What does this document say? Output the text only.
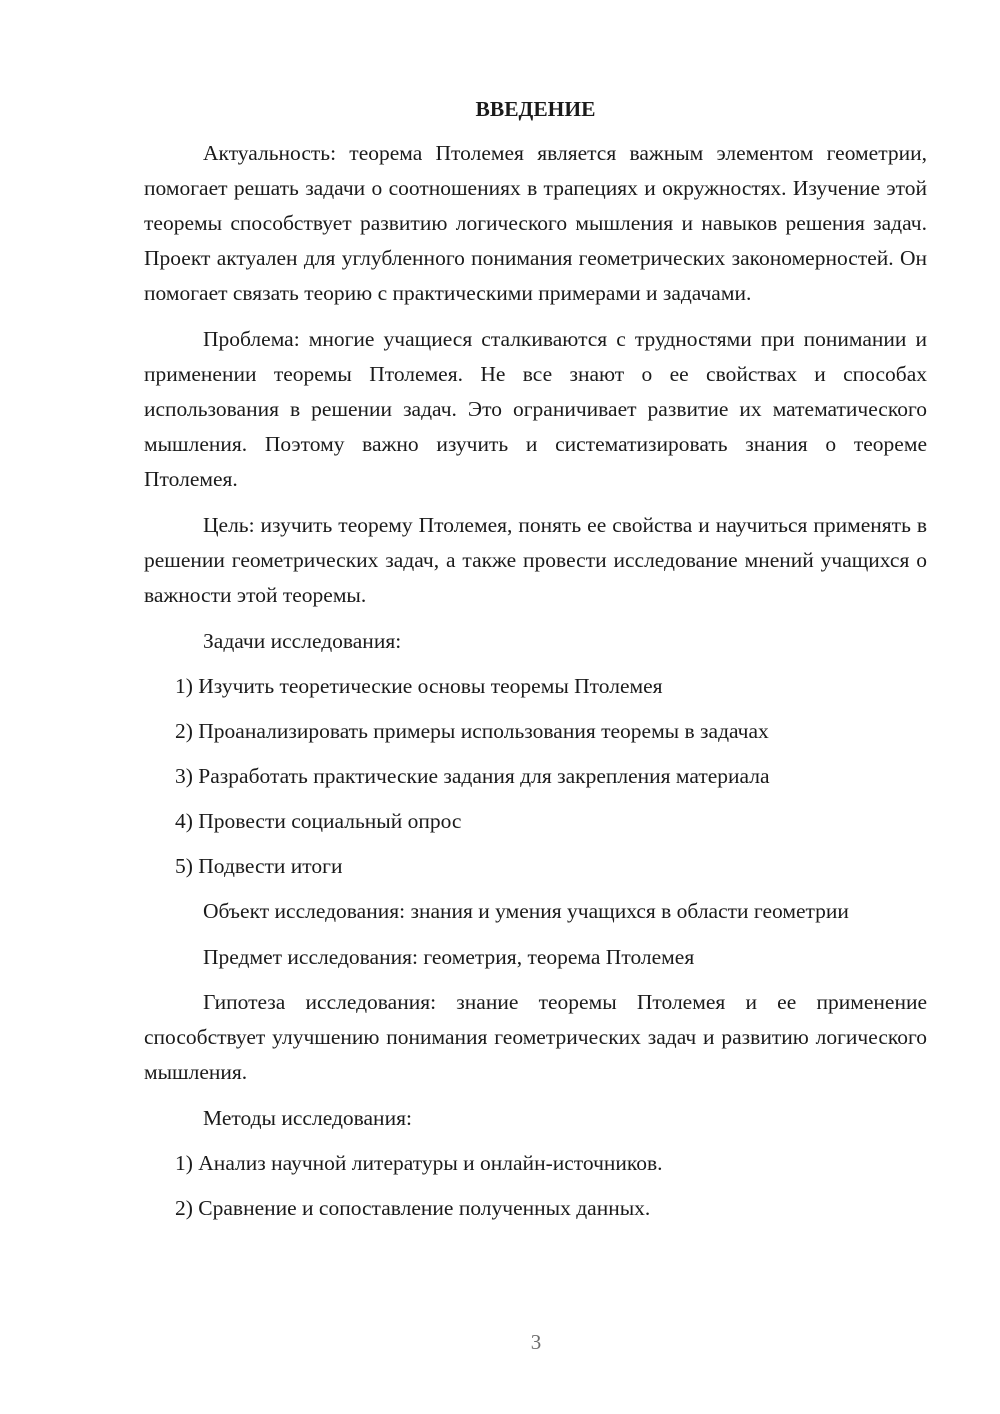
ВВЕДЕНИЕ

Актуальность: теорема Птолемея является важным элементом геометрии, помогает решать задачи о соотношениях в трапециях и окружностях. Изучение этой теоремы способствует развитию логического мышления и навыков решения задач. Проект актуален для углубленного понимания геометрических закономерностей. Он помогает связать теорию с практическими примерами и задачами.

Проблема: многие учащиеся сталкиваются с трудностями при понимании и применении теоремы Птолемея. Не все знают о ее свойствах и способах использования в решении задач. Это ограничивает развитие их математического мышления. Поэтому важно изучить и систематизировать знания о теореме Птолемея.

Цель: изучить теорему Птолемея, понять ее свойства и научиться применять в решении геометрических задач, а также провести исследование мнений учащихся о важности этой теоремы.

Задачи исследования:

1) Изучить теоретические основы теоремы Птолемея
2) Проанализировать примеры использования теоремы в задачах
3) Разработать практические задания для закрепления материала
4) Провести социальный опрос
5) Подвести итоги

Объект исследования: знания и умения учащихся в области геометрии

Предмет исследования: геометрия, теорема Птолемея

Гипотеза исследования: знание теоремы Птолемея и ее применение способствует улучшению понимания геометрических задач и развитию логического мышления.

Методы исследования:

1) Анализ научной литературы и онлайн-источников.
2) Сравнение и сопоставление полученных данных.
3
